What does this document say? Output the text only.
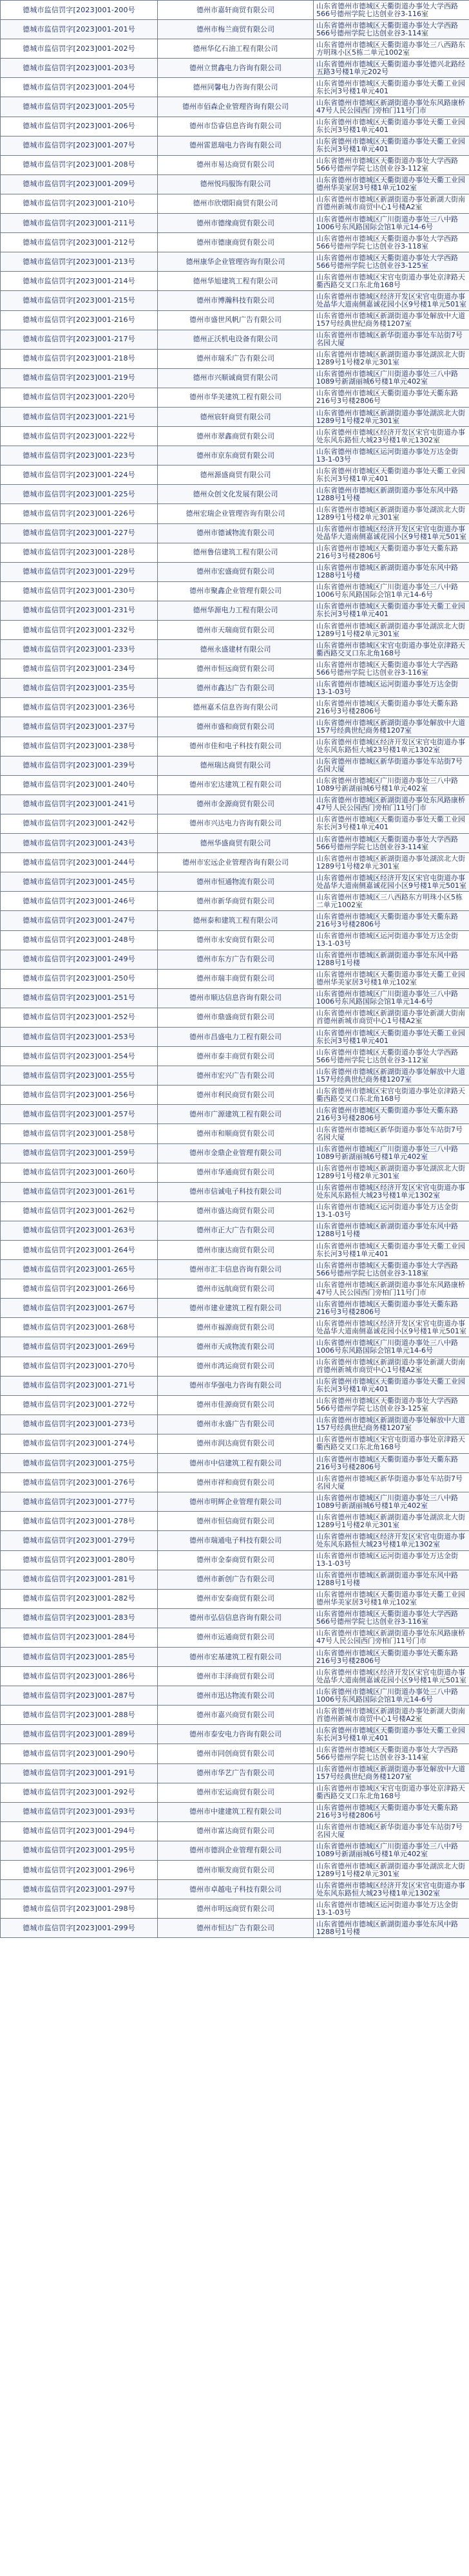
德城市监信罚字[2023]001-200号	德州市嘉轩商贸有限公司	山东省德州市德城区天衢街道办事处大学西路566号德州学院七达创业谷3-116室
德城市监信罚字[2023]001-201号	德州市梅兰商贸有限公司	山东省德州市德城区天衢街道办事处大学西路566号德州学院七达创业谷3-114室
德城市监信罚字[2023]001-202号	德州华亿石油工程有限公司	山东省德州市德城区天衢街道办事处三八西路东方明珠小区5栋二单元1002室
德城市监信罚字[2023]001-203号	德州立贯鑫电力咨询有限公司	山东省德州市德城区天衢街道办事处德兴北路经五路3号楼1单元202号
德城市监信罚字[2023]001-204号	德州同馨电力咨询有限公司	山东省德州市德城区天衢街道办事处天衢工业园东长河3号楼1单元401
德城市监信罚字[2023]001-205号	德州市佰森企业管理咨询有限公司	山东省德州市德城区新湖街道办事处东风路康桥47号人民公园西门旁柏门11号门市
德城市监信罚字[2023]001-206号	德州市岱睿信息咨询有限公司	山东省德州市德城区天衢街道办事处天衢工业园东长河3号楼1单元401
德城市监信罚字[2023]001-207号	德州雷恩瑞电力咨询有限公司	山东省德州市德城区天衢街道办事处天衢工业园东长河3号楼1单元401
德城市监信罚字[2023]001-208号	德州市易达商贸有限公司	山东省德州市德城区天衢街道办事处大学西路566号德州学院七达创业谷3-112室
德城市监信罚字[2023]001-209号	德州悦玛服饰有限公司	山东省德州市德城区天衢街道办事处天衢工业园德州华美家居3号楼1单元102室
德城市监信罚字[2023]001-210号	德州市欣熠阳商贸有限公司	山东省德州市德城区新湖街道办事处新湖大街南首德州新城市商贸中心1号楼A2室
德城市监信罚字[2023]001-211号	德州市德缘商贸有限公司	山东省德州市德城区广川街道办事处三八中路1006号东风路国际会馆1单元14-6号
德城市监信罚字[2023]001-212号	德州市德康商贸有限公司	山东省德州市德城区天衢街道办事处大学西路566号德州学院七达创业谷3-118室
德城市监信罚字[2023]001-213号	德州康华企业管理咨询有限公司	山东省德州市德城区天衢街道办事处大学西路566号德州学院七达创业谷3-125室
德城市监信罚字[2023]001-214号	德州华旭建筑工程有限公司	山东省德州市德城区宋官屯街道办事处京津路天衢西路交叉口东北角168号
德城市监信罚字[2023]001-215号	德州市博瀚科技有限公司	山东省德州市德城区经济开发区宋官屯街道办事处晶华大道南侧嘉诚花园小区9号楼1单元501室
德城市监信罚字[2023]001-216号	德州市盛世风帆广告有限公司	山东省德州市德城区新湖街道办事处解放中大道157号经典世纪商务楼1207室
德城市监信罚字[2023]001-217号	德州正沃机电设备有限公司	山东省德州市德城区新华街道办事处车站街7号名园大厦
德城市监信罚字[2023]001-218号	德州市瑞禾广告有限公司	山东省德州市德城区新湖街道办事处湖滨北大街1289号1号楼2单元301室
德城市监信罚字[2023]001-219号	德州市兴顺诚商贸有限公司	山东省德州市德城区广川街道办事处三八中路1089号新湖丽城6号楼1单元402室
德城市监信罚字[2023]001-220号	德州市华美建筑工程有限公司	山东省德州市德城区天衢街道办事处天衢东路216号3号楼2806号
德城市监信罚字[2023]001-221号	德州宸轩商贸有限公司	山东省德州市德城区新湖街道办事处湖滨北大街1289号1号楼2单元301室
德城市监信罚字[2023]001-222号	德州市翠鑫商贸有限公司	山东省德州市德城区经济开发区宋官屯街道办事处东风东路恒大城23号楼1单元1302室
德城市监信罚字[2023]001-223号	德州市京东商贸有限公司	山东省德州市德城区运河街道办事处万达金街13-1-03号
德城市监信罚字[2023]001-224号	德州源盛商贸有限公司	山东省德州市德城区天衢街道办事处天衢工业园东长河3号楼1单元401
德城市监信罚字[2023]001-225号	德州众创文化发展有限公司	山东省德州市德城区新湖街道办事处东风中路1288号1号楼
德城市监信罚字[2023]001-226号	德州宏瑞企业管理咨询有限公司	山东省德州市德城区新湖街道办事处湖滨北大街1289号1号楼2单元301室
德城市监信罚字[2023]001-227号	德州市德诚物流有限公司	山东省德州市德城区经济开发区宋官屯街道办事处晶华大道南侧嘉诚花园小区9号楼1单元501室
德城市监信罚字[2023]001-228号	德州鲁信建筑工程有限公司	山东省德州市德城区天衢街道办事处天衢东路216号3号楼2806号
德城市监信罚字[2023]001-229号	德州市宏盛商贸有限公司	山东省德州市德城区新湖街道办事处东风中路1288号1号楼
德城市监信罚字[2023]001-230号	德州市聚鑫企业管理有限公司	山东省德州市德城区广川街道办事处三八中路1006号东风路国际会馆1单元14-6号
德城市监信罚字[2023]001-231号	德州华源电力工程有限公司	山东省德州市德城区天衢街道办事处天衢工业园东长河3号楼1单元401
德城市监信罚字[2023]001-232号	德州市天瑞商贸有限公司	山东省德州市德城区新湖街道办事处湖滨北大街1289号1号楼2单元301室
德城市监信罚字[2023]001-233号	德州永盛建材有限公司	山东省德州市德城区宋官屯街道办事处京津路天衢西路交叉口东北角168号
德城市监信罚字[2023]001-234号	德州市恒远商贸有限公司	山东省德州市德城区天衢街道办事处大学西路566号德州学院七达创业谷3-116室
德城市监信罚字[2023]001-235号	德州市鑫达广告有限公司	山东省德州市德城区运河街道办事处万达金街13-1-03号
德城市监信罚字[2023]001-236号	德州嘉禾信息咨询有限公司	山东省德州市德城区天衢街道办事处天衢东路216号3号楼2806号
德城市监信罚字[2023]001-237号	德州市盛和商贸有限公司	山东省德州市德城区新湖街道办事处解放中大道157号经典世纪商务楼1207室
德城市监信罚字[2023]001-238号	德州市佳和电子科技有限公司	山东省德州市德城区经济开发区宋官屯街道办事处东风东路恒大城23号楼1单元1302室
德城市监信罚字[2023]001-239号	德州瑞达商贸有限公司	山东省德州市德城区新华街道办事处车站街7号名园大厦
德城市监信罚字[2023]001-240号	德州市宏达建筑工程有限公司	山东省德州市德城区广川街道办事处三八中路1089号新湖丽城6号楼1单元402室
德城市监信罚字[2023]001-241号	德州市金源商贸有限公司	山东省德州市德城区新湖街道办事处东风路康桥47号人民公园西门旁柏门11号门市
德城市监信罚字[2023]001-242号	德州市兴达电力咨询有限公司	山东省德州市德城区天衢街道办事处天衢工业园东长河3号楼1单元401
德城市监信罚字[2023]001-243号	德州华盛商贸有限公司	山东省德州市德城区天衢街道办事处大学西路566号德州学院七达创业谷3-114室
德城市监信罚字[2023]001-244号	德州市宏远企业管理咨询有限公司	山东省德州市德城区新湖街道办事处湖滨北大街1289号1号楼2单元301室
德城市监信罚字[2023]001-245号	德州市恒通物流有限公司	山东省德州市德城区经济开发区宋官屯街道办事处晶华大道南侧嘉诚花园小区9号楼1单元501室
德城市监信罚字[2023]001-246号	德州市新华商贸有限公司	山东省德州市德城区三八西路东方明珠小区5栋二单元1002室
德城市监信罚字[2023]001-247号	德州泰和建筑工程有限公司	山东省德州市德城区天衢街道办事处天衢东路216号3号楼2806号
德城市监信罚字[2023]001-248号	德州市永安商贸有限公司	山东省德州市德城区运河街道办事处万达金街13-1-03号
德城市监信罚字[2023]001-249号	德州市东方广告有限公司	山东省德州市德城区新湖街道办事处东风中路1288号1号楼
德城市监信罚字[2023]001-250号	德州市瑞丰商贸有限公司	山东省德州市德城区天衢街道办事处天衢工业园德州华美家居3号楼1单元102室
德城市监信罚字[2023]001-251号	德州市顺达信息咨询有限公司	山东省德州市德城区广川街道办事处三八中路1006号东风路国际会馆1单元14-6号
德城市监信罚字[2023]001-252号	德州市鼎盛商贸有限公司	山东省德州市德城区新湖街道办事处新湖大街南首德州新城市商贸中心1号楼A2室
德城市监信罚字[2023]001-253号	德州市昌盛电力工程有限公司	山东省德州市德城区天衢街道办事处天衢工业园东长河3号楼1单元401
德城市监信罚字[2023]001-254号	德州市泰丰商贸有限公司	山东省德州市德城区天衢街道办事处大学西路566号德州学院七达创业谷3-112室
德城市监信罚字[2023]001-255号	德州市宏兴广告有限公司	山东省德州市德城区新湖街道办事处解放中大道157号经典世纪商务楼1207室
德城市监信罚字[2023]001-256号	德州市利民商贸有限公司	山东省德州市德城区宋官屯街道办事处京津路天衢西路交叉口东北角168号
德城市监信罚字[2023]001-257号	德州市广源建筑工程有限公司	山东省德州市德城区天衢街道办事处天衢东路216号3号楼2806号
德城市监信罚字[2023]001-258号	德州市和顺商贸有限公司	山东省德州市德城区新华街道办事处车站街7号名园大厦
德城市监信罚字[2023]001-259号	德州市金鼎企业管理有限公司	山东省德州市德城区广川街道办事处三八中路1089号新湖丽城6号楼1单元402室
德城市监信罚字[2023]001-260号	德州市华通商贸有限公司	山东省德州市德城区新湖街道办事处湖滨北大街1289号1号楼2单元301室
德城市监信罚字[2023]001-261号	德州市信诚电子科技有限公司	山东省德州市德城区经济开发区宋官屯街道办事处东风东路恒大城23号楼1单元1302室
德城市监信罚字[2023]001-262号	德州市盛达商贸有限公司	山东省德州市德城区运河街道办事处万达金街13-1-03号
德城市监信罚字[2023]001-263号	德州市正大广告有限公司	山东省德州市德城区新湖街道办事处东风中路1288号1号楼
德城市监信罚字[2023]001-264号	德州市康达商贸有限公司	山东省德州市德城区天衢街道办事处天衢工业园东长河3号楼1单元401
德城市监信罚字[2023]001-265号	德州市汇丰信息咨询有限公司	山东省德州市德城区天衢街道办事处大学西路566号德州学院七达创业谷3-118室
德城市监信罚字[2023]001-266号	德州市远航商贸有限公司	山东省德州市德城区新湖街道办事处东风路康桥47号人民公园西门旁柏门11号门市
德城市监信罚字[2023]001-267号	德州市建业建筑工程有限公司	山东省德州市德城区天衢街道办事处天衢东路216号3号楼2806号
德城市监信罚字[2023]001-268号	德州市福源商贸有限公司	山东省德州市德城区经济开发区宋官屯街道办事处晶华大道南侧嘉诚花园小区9号楼1单元501室
德城市监信罚字[2023]001-269号	德州市天成物流有限公司	山东省德州市德城区广川街道办事处三八中路1006号东风路国际会馆1单元14-6号
德城市监信罚字[2023]001-270号	德州市鸿运商贸有限公司	山东省德州市德城区新湖街道办事处新湖大街南首德州新城市商贸中心1号楼A2室
德城市监信罚字[2023]001-271号	德州市华强电力咨询有限公司	山东省德州市德城区天衢街道办事处天衢工业园东长河3号楼1单元401
德城市监信罚字[2023]001-272号	德州市佳源商贸有限公司	山东省德州市德城区天衢街道办事处大学西路566号德州学院七达创业谷3-125室
德城市监信罚字[2023]001-273号	德州市永盛广告有限公司	山东省德州市德城区新湖街道办事处解放中大道157号经典世纪商务楼1207室
德城市监信罚字[2023]001-274号	德州市润达商贸有限公司	山东省德州市德城区宋官屯街道办事处京津路天衢西路交叉口东北角168号
德城市监信罚字[2023]001-275号	德州市中信建筑工程有限公司	山东省德州市德城区天衢街道办事处天衢东路216号3号楼2806号
德城市监信罚字[2023]001-276号	德州市祥和商贸有限公司	山东省德州市德城区新华街道办事处车站街7号名园大厦
德城市监信罚字[2023]001-277号	德州市明辉企业管理有限公司	山东省德州市德城区广川街道办事处三八中路1089号新湖丽城6号楼1单元402室
德城市监信罚字[2023]001-278号	德州市恒信商贸有限公司	山东省德州市德城区新湖街道办事处湖滨北大街1289号1号楼2单元301室
德城市监信罚字[2023]001-279号	德州市瑞通电子科技有限公司	山东省德州市德城区经济开发区宋官屯街道办事处东风东路恒大城23号楼1单元1302室
德城市监信罚字[2023]001-280号	德州市金泰商贸有限公司	山东省德州市德城区运河街道办事处万达金街13-1-03号
德城市监信罚字[2023]001-281号	德州市新创广告有限公司	山东省德州市德城区新湖街道办事处东风中路1288号1号楼
德城市监信罚字[2023]001-282号	德州市安泰商贸有限公司	山东省德州市德城区天衢街道办事处天衢工业园德州华美家居3号楼1单元102室
德城市监信罚字[2023]001-283号	德州市弘信信息咨询有限公司	山东省德州市德城区天衢街道办事处大学西路566号德州学院七达创业谷3-116室
德城市监信罚字[2023]001-284号	德州市运通商贸有限公司	山东省德州市德城区新湖街道办事处东风路康桥47号人民公园西门旁柏门11号门市
德城市监信罚字[2023]001-285号	德州市宏基建筑工程有限公司	山东省德州市德城区天衢街道办事处天衢东路216号3号楼2806号
德城市监信罚字[2023]001-286号	德州市丰泽商贸有限公司	山东省德州市德城区经济开发区宋官屯街道办事处晶华大道南侧嘉诚花园小区9号楼1单元501室
德城市监信罚字[2023]001-287号	德州市迅达物流有限公司	山东省德州市德城区广川街道办事处三八中路1006号东风路国际会馆1单元14-6号
德城市监信罚字[2023]001-288号	德州市嘉兴商贸有限公司	山东省德州市德城区新湖街道办事处新湖大街南首德州新城市商贸中心1号楼A2室
德城市监信罚字[2023]001-289号	德州市泰安电力咨询有限公司	山东省德州市德城区天衢街道办事处天衢工业园东长河3号楼1单元401
德城市监信罚字[2023]001-290号	德州市同创商贸有限公司	山东省德州市德城区天衢街道办事处大学西路566号德州学院七达创业谷3-114室
德城市监信罚字[2023]001-291号	德州市华艺广告有限公司	山东省德州市德城区新湖街道办事处解放中大道157号经典世纪商务楼1207室
德城市监信罚字[2023]001-292号	德州市宏运商贸有限公司	山东省德州市德城区宋官屯街道办事处京津路天衢西路交叉口东北角168号
德城市监信罚字[2023]001-293号	德州市中建建筑工程有限公司	山东省德州市德城区天衢街道办事处天衢东路216号3号楼2806号
德城市监信罚字[2023]001-294号	德州市富达商贸有限公司	山东省德州市德城区新华街道办事处车站街7号名园大厦
德城市监信罚字[2023]001-295号	德州市德润企业管理有限公司	山东省德州市德城区广川街道办事处三八中路1089号新湖丽城6号楼1单元402室
德城市监信罚字[2023]001-296号	德州市顺发商贸有限公司	山东省德州市德城区新湖街道办事处湖滨北大街1289号1号楼2单元301室
德城市监信罚字[2023]001-297号	德州市卓越电子科技有限公司	山东省德州市德城区经济开发区宋官屯街道办事处东风东路恒大城23号楼1单元1302室
德城市监信罚字[2023]001-298号	德州市明远商贸有限公司	山东省德州市德城区运河街道办事处万达金街13-1-03号
德城市监信罚字[2023]001-299号	德州市恒达广告有限公司	山东省德州市德城区新湖街道办事处东风中路1288号1号楼
